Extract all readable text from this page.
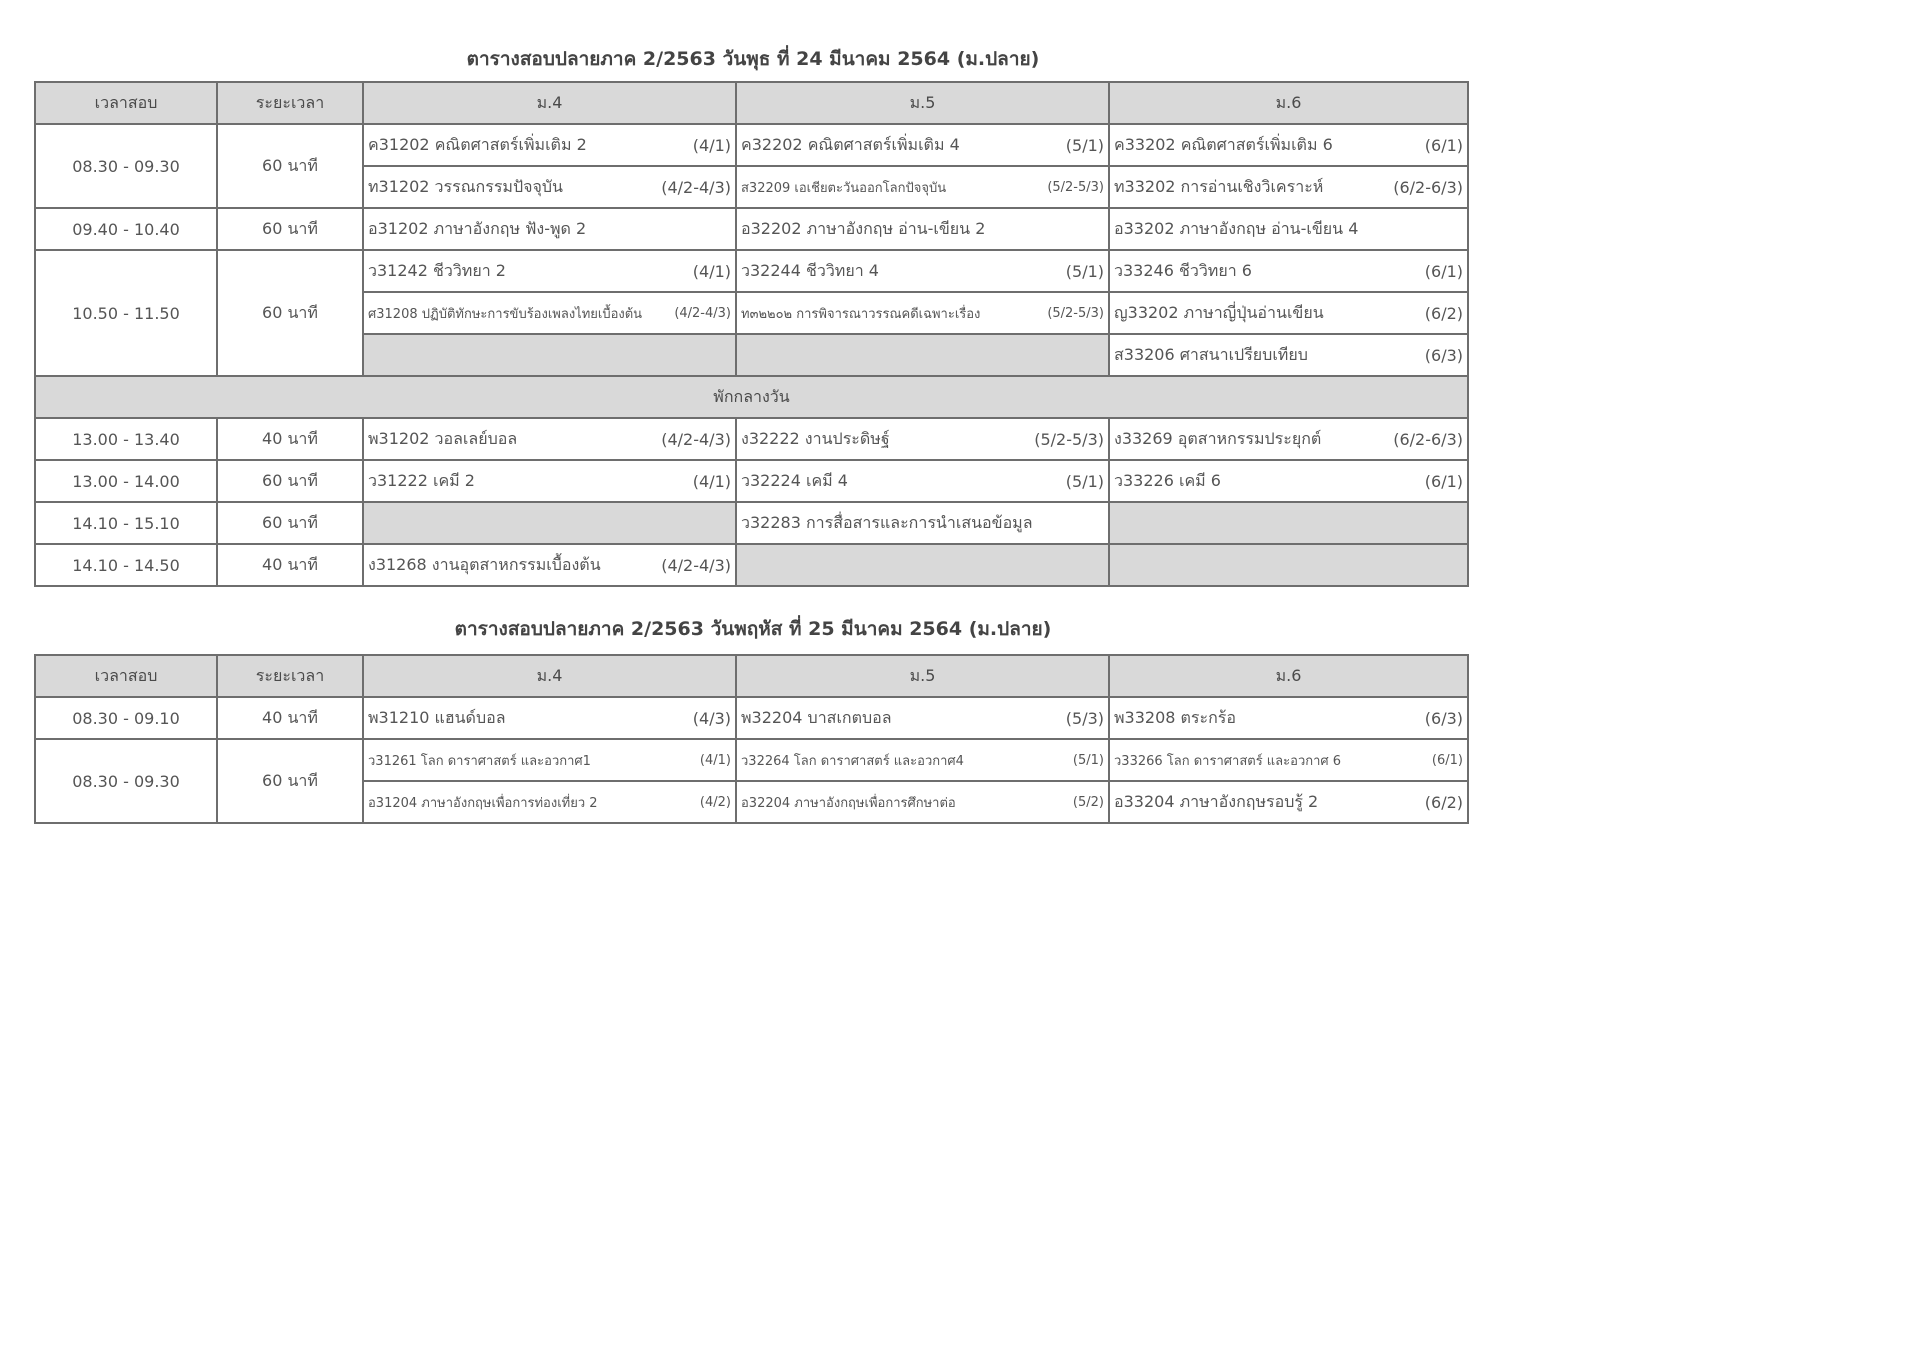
ตารางสอบปลายภาค 2/2563 วันพุธ ที่ 24 มีนาคม 2564 (ม.ปลาย)
เวลาสอบ	ระยะเวลา	ม.4	ม.5	ม.6
08.30 - 09.30	60 นาที	ค31202 คณิตศาสตร์เพิ่มเติม 2 (4/1)	ค32202 คณิตศาสตร์เพิ่มเติม 4 (5/1)	ค33202 คณิตศาสตร์เพิ่มเติม 6 (6/1)

		ท31202 วรรณกรรมปัจจุบัน (4/2-4/3)	ส32209 เอเชียตะวันออกโลกปัจจุบัน (5/2-5/3)	ท33202 การอ่านเชิงวิเคราะห์ (6/2-6/3)

09.40 - 10.40	60 นาที	อ31202 ภาษาอังกฤษ ฟัง-พูด 2	อ32202 ภาษาอังกฤษ อ่าน-เขียน 2	อ33202 ภาษาอังกฤษ อ่าน-เขียน 4

10.50 - 11.50	60 นาที	ว31242 ชีววิทยา 2 (4/1)	ว32244 ชีววิทยา 4 (5/1)	ว33246 ชีววิทยา 6 (6/1)

		ศ31208 ปฏิบัติทักษะการขับร้องเพลงไทยเบื้องต้น (4/2-4/3)	ท๓๒๒๐๒ การพิจารณาวรรณคดีเฉพาะเรื่อง (5/2-5/3)	ญ33202 ภาษาญี่ปุ่นอ่านเขียน (6/2)

				ส33206 ศาสนาเปรียบเทียบ (6/3)

พักกลางวัน				
13.00 - 13.40	40 นาที	พ31202 วอลเลย์บอล (4/2-4/3)	ง32222 งานประดิษฐ์ (5/2-5/3)	ง33269 อุตสาหกรรมประยุกต์ (6/2-6/3)

13.00 - 14.00	60 นาที	ว31222 เคมี 2 (4/1)	ว32224 เคมี 4 (5/1)	ว33226 เคมี 6 (6/1)

14.10 - 15.10	60 นาที		ว32283 การสื่อสารและการนำเสนอข้อมูล	

14.10 - 14.50	40 นาที	ง31268 งานอุตสาหกรรมเบื้องต้น (4/2-4/3)		

ตารางสอบปลายภาค 2/2563 วันพฤหัส ที่ 25 มีนาคม 2564 (ม.ปลาย)
เวลาสอบ	ระยะเวลา	ม.4	ม.5	ม.6
08.30 - 09.10	40 นาที	พ31210 แฮนด์บอล (4/3)	พ32204 บาสเกตบอล (5/3)	พ33208 ตระกร้อ (6/3)

08.30 - 09.30	60 นาที	ว31261 โลก ดาราศาสตร์ และอวกาศ1 (4/1)	ว32264 โลก ดาราศาสตร์ และอวกาศ4 (5/1)	ว33266 โลก ดาราศาสตร์ และอวกาศ 6 (6/1)

		อ31204 ภาษาอังกฤษเพื่อการท่องเที่ยว 2 (4/2)	อ32204 ภาษาอังกฤษเพื่อการศึกษาต่อ (5/2)	อ33204 ภาษาอังกฤษรอบรู้ 2 (6/2)
